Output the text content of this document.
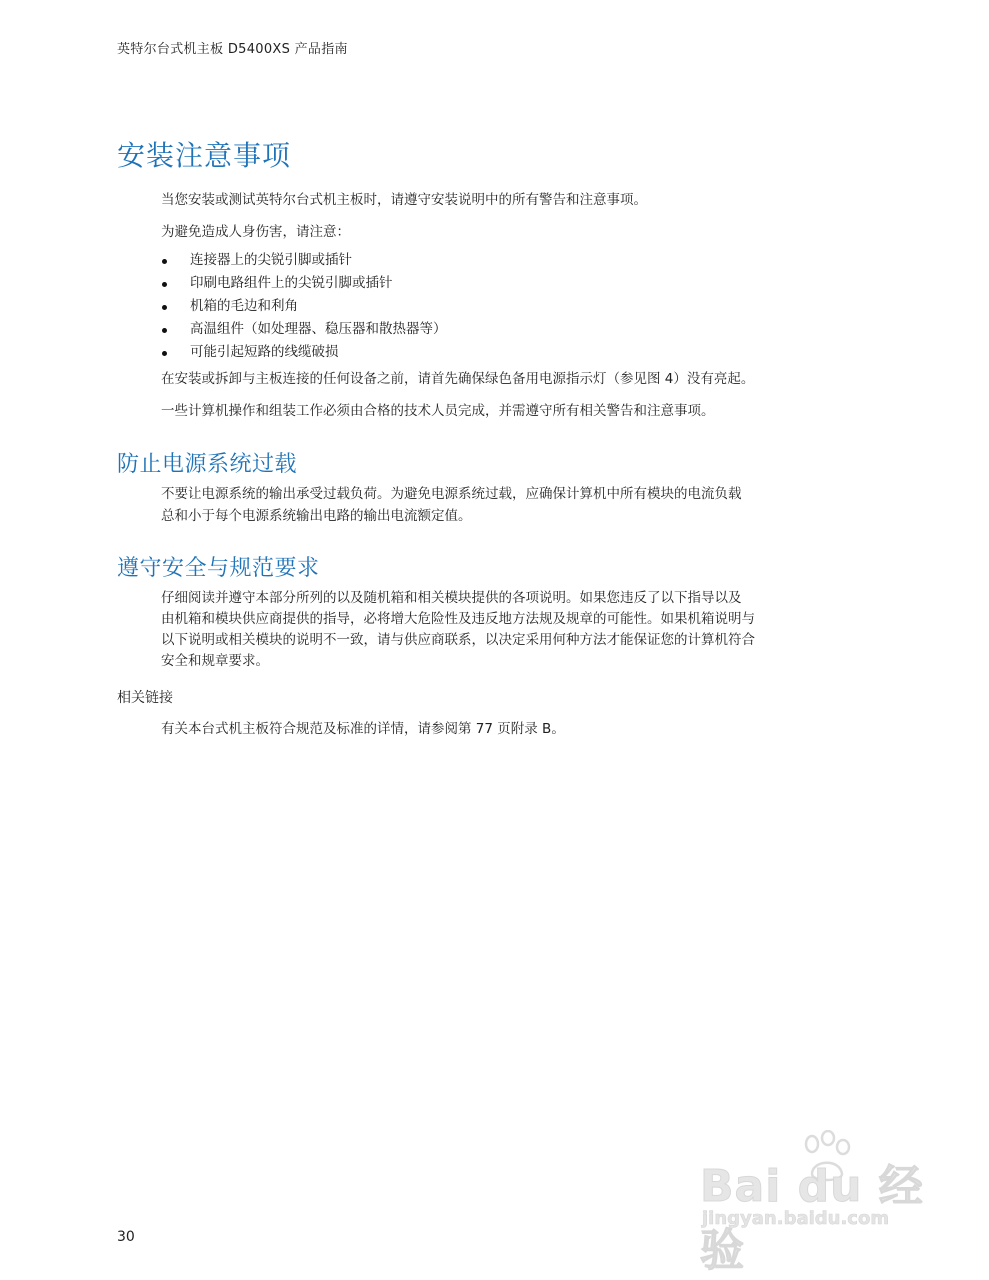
英特尔台式机主板 D5400XS 产品指南
安装注意事项

当您安装或测试英特尔台式机主板时，请遵守安装说明中的所有警告和注意事项。

为避免造成人身伤害，请注意：

连接器上的尖锐引脚或插针
印刷电路组件上的尖锐引脚或插针
机箱的毛边和利角
高温组件（如处理器、稳压器和散热器等）
可能引起短路的线缆破损

在安装或拆卸与主板连接的任何设备之前，请首先确保绿色备用电源指示灯（参见图 4）没有亮起。

一些计算机操作和组装工作必须由合格的技术人员完成，并需遵守所有相关警告和注意事项。

防止电源系统过载

不要让电源系统的输出承受过载负荷。为避免电源系统过载，应确保计算机中所有模块的电流负载

总和小于每个电源系统输出电路的输出电流额定值。

遵守安全与规范要求

仔细阅读并遵守本部分所列的以及随机箱和相关模块提供的各项说明。如果您违反了以下指导以及

由机箱和模块供应商提供的指导，必将增大危险性及违反地方法规及规章的可能性。如果机箱说明与

以下说明或相关模块的说明不一致，请与供应商联系，以决定采用何种方法才能保证您的计算机符合

安全和规章要求。

相关链接

有关本台式机主板符合规范及标准的详情，请参阅第 77 页附录 B。

30
Bai du 经验
jingyan.baidu.com
